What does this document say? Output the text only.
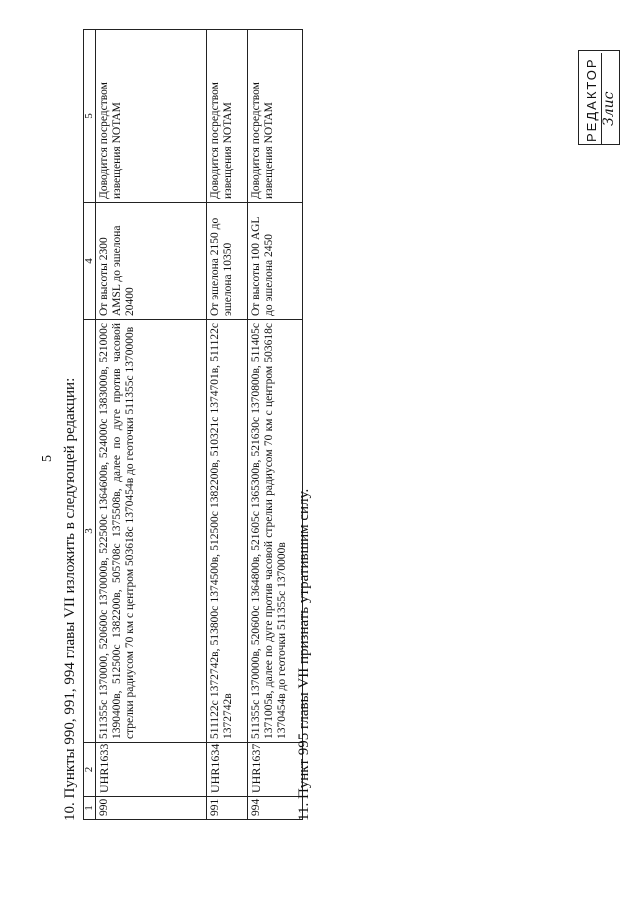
5 10. Пункты 990, 991, 994 главы VII изложить в следующей редакции: 1	2	3	4	5
990	UHR1633	511355с 1370000, 520600с 1370000в, 522500с 1364600в, 524000с 1383000в, 521000с 1390400в, 512500с 1382200в, 505708с 1375508в, далее по дуге против часовой стрелки радиусом 70 км с центром 503618с 1370454в до геоточки 511355с 1370000в	От высоты 2300 AMSL до эшелона 20400	Доводится посредством извещения NOTAM
991	UHR1634	511122с 1372742в, 513800с 1374500в, 512500с 1382200в, 510321с 1374701в, 511122с 1372742в	От эшелона 2150 до эшелона 10350	Доводится посредством извещения NOTAM
994	UHR1637	511355с 1370000в, 520600с 1364800в, 521605с 1365300в, 521630с 1370800в, 511405с 1371005в, далее по дуге против часовой стрелки радиусом 70 км с центром 503618с 1370454в до геоточки 511355с 1370000в	От высоты 100 AGL до эшелона 2450	Доводится посредством извещения NOTAM
11. Пункт 995 главы VII признать утратившим силу.
РЕДАКТОР Злис
